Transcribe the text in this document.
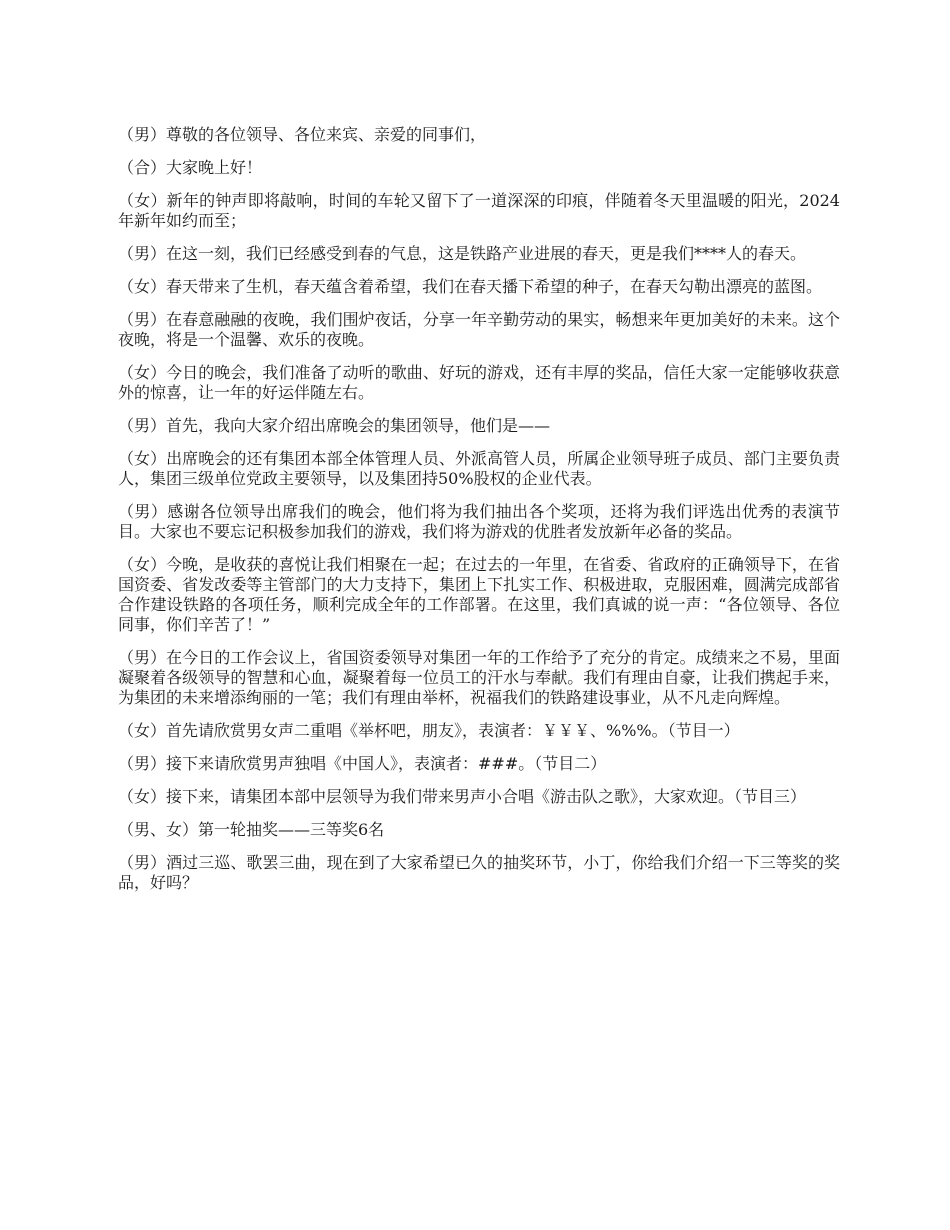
（男）尊敬的各位领导、各位来宾、亲爱的同事们，

（合）大家晚上好！

（女）新年的钟声即将敲响，时间的车轮又留下了一道深深的印痕，伴随着冬天里温暖的阳光，2024年新年如约而至；

（男）在这一刻，我们已经感受到春的气息，这是铁路产业进展的春天，更是我们****人的春天。

（女）春天带来了生机，春天蕴含着希望，我们在春天播下希望的种子，在春天勾勒出漂亮的蓝图。

（男）在春意融融的夜晚，我们围炉夜话，分享一年辛勤劳动的果实，畅想来年更加美好的未来。这个夜晚，将是一个温馨、欢乐的夜晚。

（女）今日的晚会，我们准备了动听的歌曲、好玩的游戏，还有丰厚的奖品，信任大家一定能够收获意外的惊喜，让一年的好运伴随左右。

（男）首先，我向大家介绍出席晚会的集团领导，他们是——

（女）出席晚会的还有集团本部全体管理人员、外派高管人员，所属企业领导班子成员、部门主要负责人，集团三级单位党政主要领导，以及集团持50%股权的企业代表。

（男）感谢各位领导出席我们的晚会，他们将为我们抽出各个奖项，还将为我们评选出优秀的表演节目。大家也不要忘记积极参加我们的游戏，我们将为游戏的优胜者发放新年必备的奖品。

（女）今晚，是收获的喜悦让我们相聚在一起；在过去的一年里，在省委、省政府的正确领导下，在省国资委、省发改委等主管部门的大力支持下，集团上下扎实工作、积极进取，克服困难，圆满完成部省合作建设铁路的各项任务，顺利完成全年的工作部署。在这里，我们真诚的说一声：“各位领导、各位同事，你们辛苦了！”

（男）在今日的工作会议上，省国资委领导对集团一年的工作给予了充分的肯定。成绩来之不易，里面凝聚着各级领导的智慧和心血，凝聚着每一位员工的汗水与奉献。我们有理由自豪，让我们携起手来，为集团的未来增添绚丽的一笔；我们有理由举杯，祝福我们的铁路建设事业，从不凡走向辉煌。

（女）首先请欣赏男女声二重唱《举杯吧，朋友》，表演者：￥￥￥、%%%。（节目一）

（男）接下来请欣赏男声独唱《中国人》，表演者：###。（节目二）

（女）接下来，请集团本部中层领导为我们带来男声小合唱《游击队之歌》，大家欢迎。（节目三）

（男、女）第一轮抽奖——三等奖6名

（男）酒过三巡、歌罢三曲，现在到了大家希望已久的抽奖环节，小丁，你给我们介绍一下三等奖的奖品，好吗？
